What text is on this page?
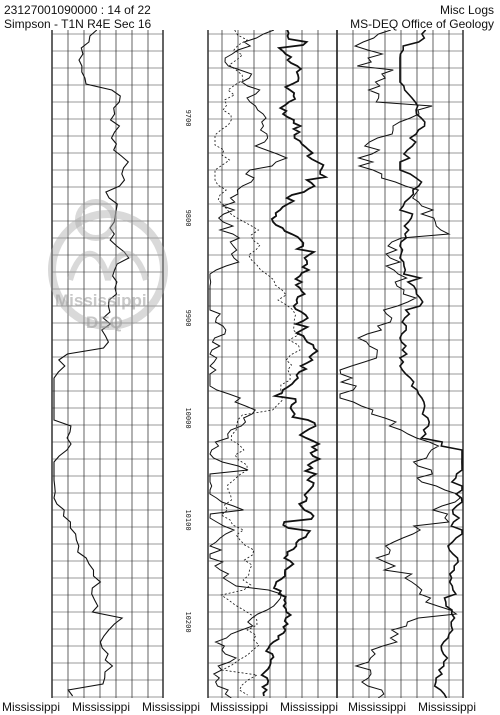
23127001090000 : 14 of 22
Simpson - T1N R4E Sec 16
Misc Logs
MS-DEQ Office of Geology
9700
9800
9900
10000
10100
10200
Mississippi
DEQ
Mississippi Mississippi Mississippi Mississippi Mississippi Mississippi Mississippi
